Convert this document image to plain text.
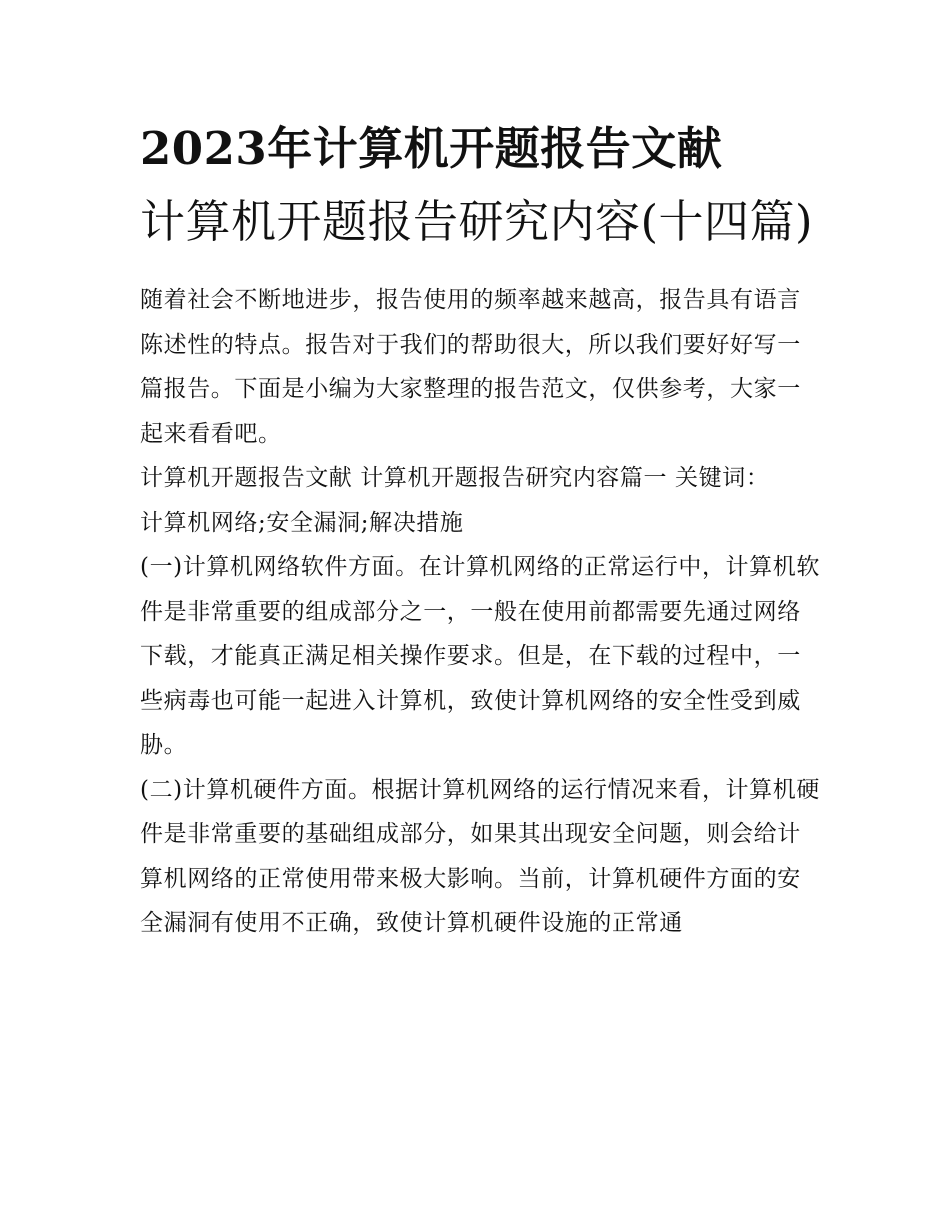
2023年计算机开题报告文献
计算机开题报告研究内容(十四篇)

随着社会不断地进步，报告使用的频率越来越高，报告具有语言陈述性的特点。报告对于我们的帮助很大，所以我们要好好写一篇报告。下面是小编为大家整理的报告范文，仅供参考，大家一起来看看吧。

计算机开题报告文献 计算机开题报告研究内容篇一 关键词：

计算机网络;安全漏洞;解决措施

(一)计算机网络软件方面。在计算机网络的正常运行中，计算机软件是非常重要的组成部分之一，一般在使用前都需要先通过网络下载，才能真正满足相关操作要求。但是，在下载的过程中，一些病毒也可能一起进入计算机，致使计算机网络的安全性受到威胁。

(二)计算机硬件方面。根据计算机网络的运行情况来看，计算机硬件是非常重要的基础组成部分，如果其出现安全问题，则会给计算机网络的正常使用带来极大影响。当前，计算机硬件方面的安全漏洞有使用不正确，致使计算机硬件设施的正常通
